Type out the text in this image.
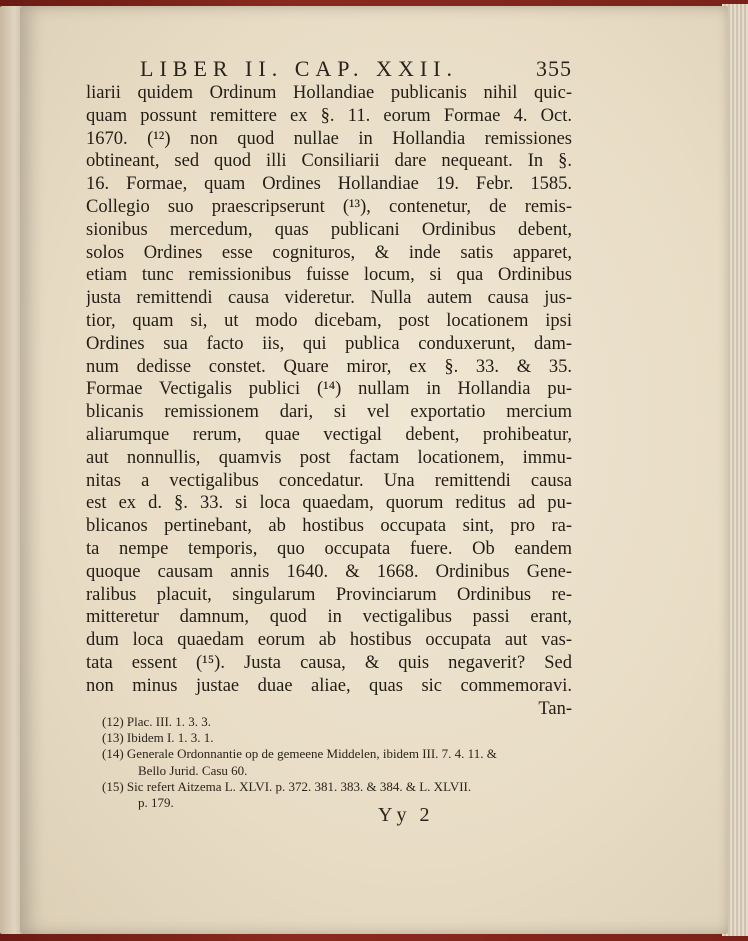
LIBER II. CAP. XXII.	355
liarii quidem Ordinum Hollandiae publicanis nihil quic-
quam possunt remittere ex §. 11. eorum Formae 4. Oct.
1670. (¹²) non quod nullae in Hollandia remissiones
obtineant, sed quod illi Consiliarii dare nequeant. In §.
16. Formae, quam Ordines Hollandiae 19. Febr. 1585.
Collegio suo praescripserunt (¹³), contenetur, de remis-
sionibus mercedum, quas publicani Ordinibus debent,
solos Ordines esse cognituros, & inde satis apparet,
etiam tunc remissionibus fuisse locum, si qua Ordinibus
justa remittendi causa videretur. Nulla autem causa jus-
tior, quam si, ut modo dicebam, post locationem ipsi
Ordines sua facto iis, qui publica conduxerunt, dam-
num dedisse constet. Quare miror, ex §. 33. & 35.
Formae Vectigalis publici (¹⁴) nullam in Hollandia pu-
blicanis remissionem dari, si vel exportatio mercium
aliarumque rerum, quae vectigal debent, prohibeatur,
aut nonnullis, quamvis post factam locationem, immu-
nitas a vectigalibus concedatur. Una remittendi causa
est ex d. §. 33. si loca quaedam, quorum reditus ad pu-
blicanos pertinebant, ab hostibus occupata sint, pro ra-
ta nempe temporis, quo occupata fuere. Ob eandem
quoque causam annis 1640. & 1668. Ordinibus Gene-
ralibus placuit, singularum Provinciarum Ordinibus re-
mitteretur damnum, quod in vectigalibus passi erant,
dum loca quaedam eorum ab hostibus occupata aut vas-
tata essent (¹⁵). Justa causa, & quis negaverit? Sed
non minus justae duae aliae, quas sic commemoravi.
Tan-
(12) Plac. III. 1. 3. 3.
(13) Ibidem I. 1. 3. 1.
(14) Generale Ordonnantie op de gemeene Middelen, ibidem III. 7. 4. 11. &
Bello Jurid. Casu 60.
(15) Sic refert Aitzema L. XLVI. p. 372. 381. 383. & 384. & L. XLVII.
p. 179.
Yy 2
